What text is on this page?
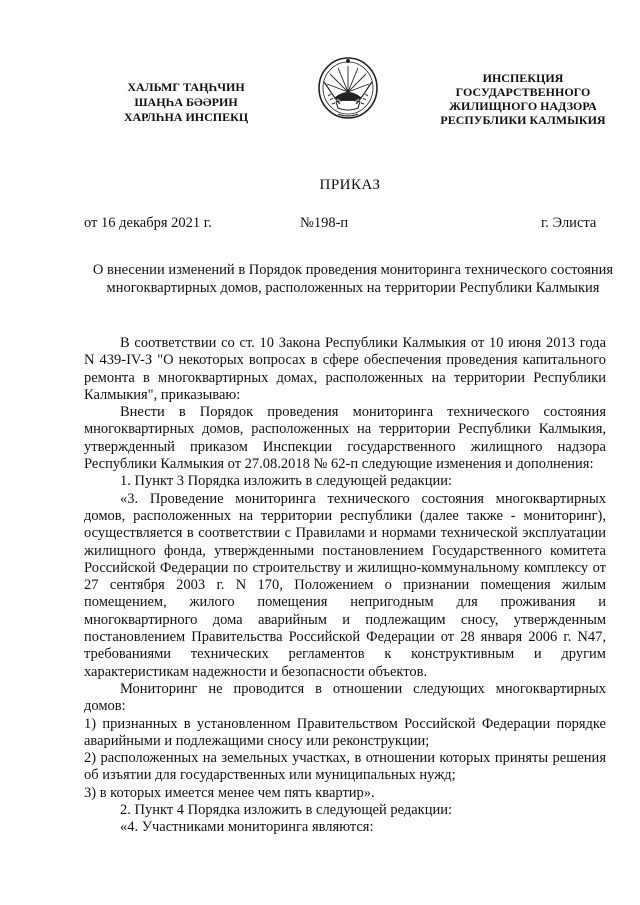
ХАЛЬМГ ТАҢҺЧИН
ШАҢҺА БӘӘРИН
ХАРЛҺНА ИНСПЕКЦ
ИНСПЕКЦИЯ
ГОСУДАРСТВЕННОГО
ЖИЛИЩНОГО НАДЗОРА
РЕСПУБЛИКИ КАЛМЫКИЯ
ПРИКАЗ
от 16 декабря 2021 г.	№198-п	г. Элиста
О внесении изменений в Порядок проведения мониторинга технического состояния многоквартирных домов, расположенных на территории Республики Калмыкия

В соответствии со ст. 10 Закона Республики Калмыкия от 10 июня 2013 года N 439-IV-З "О некоторых вопросах в сфере обеспечения проведения капитального ремонта в многоквартирных домах, расположенных на территории Республики Калмыкия", приказываю:

Внести в Порядок проведения мониторинга технического состояния многоквартирных домов, расположенных на территории Республики Калмыкия, утвержденный приказом Инспекции государственного жилищного надзора Республики Калмыкия от 27.08.2018 № 62-п следующие изменения и дополнения:

1. Пункт 3 Порядка изложить в следующей редакции:

«3. Проведение мониторинга технического состояния многоквартирных домов, расположенных на территории республики (далее также - мониторинг), осуществляется в соответствии с Правилами и нормами технической эксплуатации жилищного фонда, утвержденными постановлением Государственного комитета Российской Федерации по строительству и жилищно-коммунальному комплексу от 27 сентября 2003 г. N 170, Положением о признании помещения жилым помещением, жилого помещения непригодным для проживания и многоквартирного дома аварийным и подлежащим сносу, утвержденным постановлением Правительства Российской Федерации от 28 января 2006 г. N47, требованиями технических регламентов к конструктивным и другим характеристикам надежности и безопасности объектов.

Мониторинг не проводится в отношении следующих многоквартирных домов:

1) признанных в установленном Правительством Российской Федерации порядке аварийными и подлежащими сносу или реконструкции;

2) расположенных на земельных участках, в отношении которых приняты решения об изъятии для государственных или муниципальных нужд;

3) в которых имеется менее чем пять квартир».

2. Пункт 4 Порядка изложить в следующей редакции:

«4. Участниками мониторинга являются:
